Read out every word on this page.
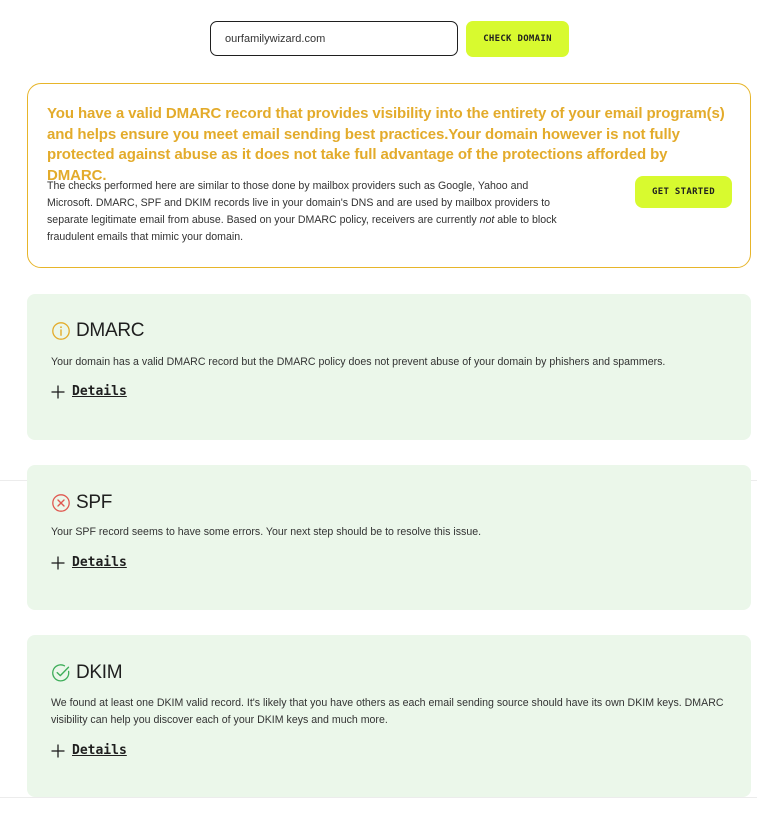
ourfamilywizard.com
CHECK DOMAIN

You have a valid DMARC record that provides visibility into the entirety of your email program(s) and helps ensure you meet email sending best practices.Your domain however is not fully protected against abuse as it does not take full advantage of the protections afforded by DMARC.

The checks performed here are similar to those done by mailbox providers such as Google, Yahoo and Microsoft. DMARC, SPF and DKIM records live in your domain's DNS and are used by mailbox providers to separate legitimate email from abuse. Based on your DMARC policy, receivers are currently not able to block fraudulent emails that mimic your domain.

GET STARTED
DMARC

Your domain has a valid DMARC record but the DMARC policy does not prevent abuse of your domain by phishers and spammers.

Details
SPF

Your SPF record seems to have some errors. Your next step should be to resolve this issue.

Details
DKIM

We found at least one DKIM valid record. It's likely that you have others as each email sending source should have its own DKIM keys. DMARC visibility can help you discover each of your DKIM keys and much more.

Details
